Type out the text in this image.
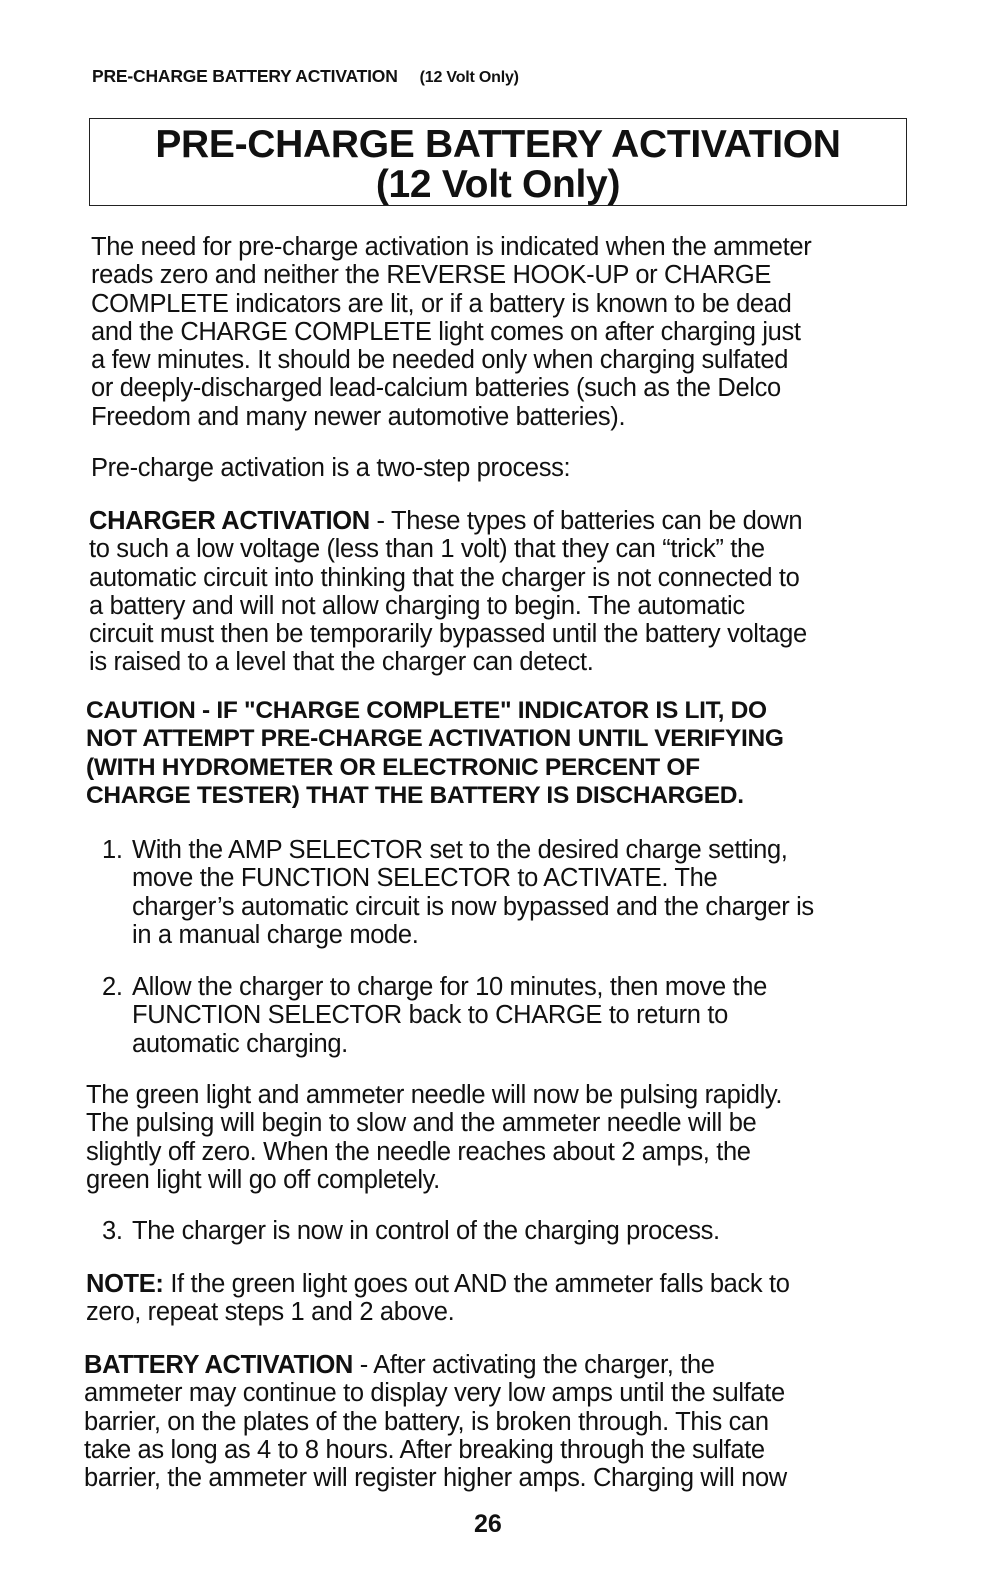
PRE-CHARGE BATTERY ACTIVATION (12 Volt Only)
PRE-CHARGE BATTERY ACTIVATION
(12 Volt Only)

The need for pre-charge activation is indicated when the ammeter
reads zero and neither the REVERSE HOOK-UP or CHARGE
COMPLETE indicators are lit, or if a battery is known to be dead
and the CHARGE COMPLETE light comes on after charging just
a few minutes. It should be needed only when charging sulfated
or deeply-discharged lead-calcium batteries (such as the Delco
Freedom and many newer automotive batteries).

Pre-charge activation is a two-step process:

CHARGER ACTIVATION - These types of batteries can be down
to such a low voltage (less than 1 volt) that they can “trick” the
automatic circuit into thinking that the charger is not connected to
a battery and will not allow charging to begin. The automatic
circuit must then be temporarily bypassed until the battery voltage
is raised to a level that the charger can detect.

CAUTION - IF "CHARGE COMPLETE" INDICATOR IS LIT, DO
NOT ATTEMPT PRE-CHARGE ACTIVATION UNTIL VERIFYING
(WITH HYDROMETER OR ELECTRONIC PERCENT OF
CHARGE TESTER) THAT THE BATTERY IS DISCHARGED.
1. With the AMP SELECTOR set to the desired charge setting,
move the FUNCTION SELECTOR to ACTIVATE. The
charger’s automatic circuit is now bypassed and the charger is
in a manual charge mode.
2. Allow the charger to charge for 10 minutes, then move the
FUNCTION SELECTOR back to CHARGE to return to
automatic charging.

The green light and ammeter needle will now be pulsing rapidly.
The pulsing will begin to slow and the ammeter needle will be
slightly off zero. When the needle reaches about 2 amps, the
green light will go off completely.

3. The charger is now in control of the charging process.

NOTE: If the green light goes out AND the ammeter falls back to
zero, repeat steps 1 and 2 above.

BATTERY ACTIVATION - After activating the charger, the
ammeter may continue to display very low amps until the sulfate
barrier, on the plates of the battery, is broken through. This can
take as long as 4 to 8 hours. After breaking through the sulfate
barrier, the ammeter will register higher amps. Charging will now

26
